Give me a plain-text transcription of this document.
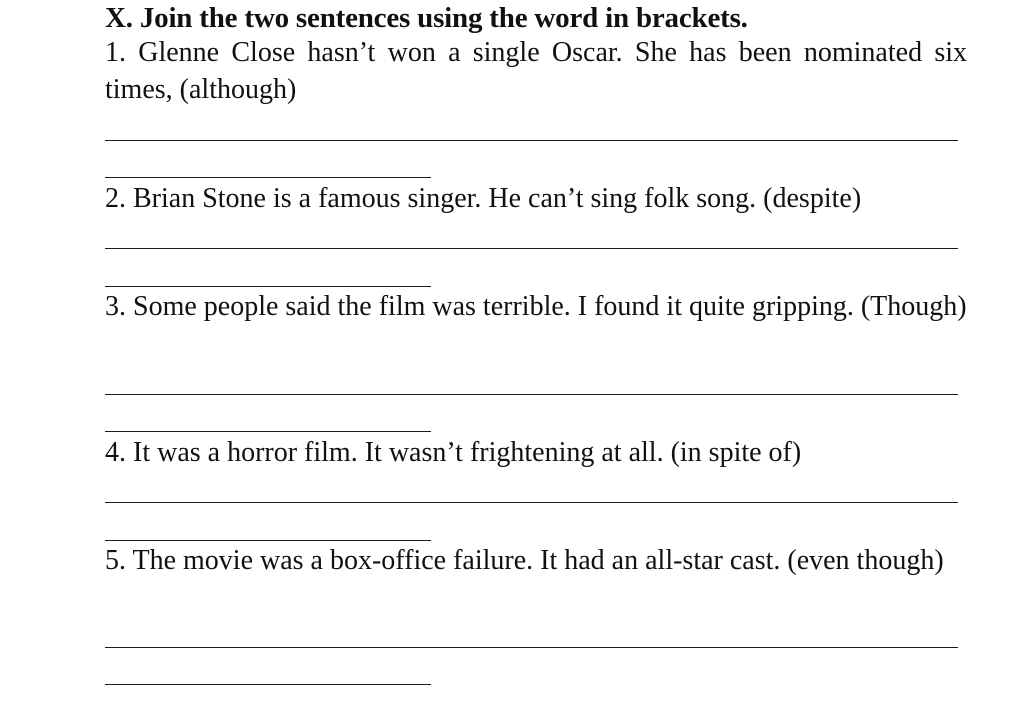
X. Join the two sentences using the word in brackets.

1. Glenne Close hasn’t won a single Oscar. She has been nominated six times, (although)

2. Brian Stone is a famous singer. He can’t sing folk song. (despite)

3. Some people said the film was terrible. I found it quite gripping. (Though)

4. It was a horror film. It wasn’t frightening at all. (in spite of)

5. The movie was a box-office failure. It had an all-star cast. (even though)
